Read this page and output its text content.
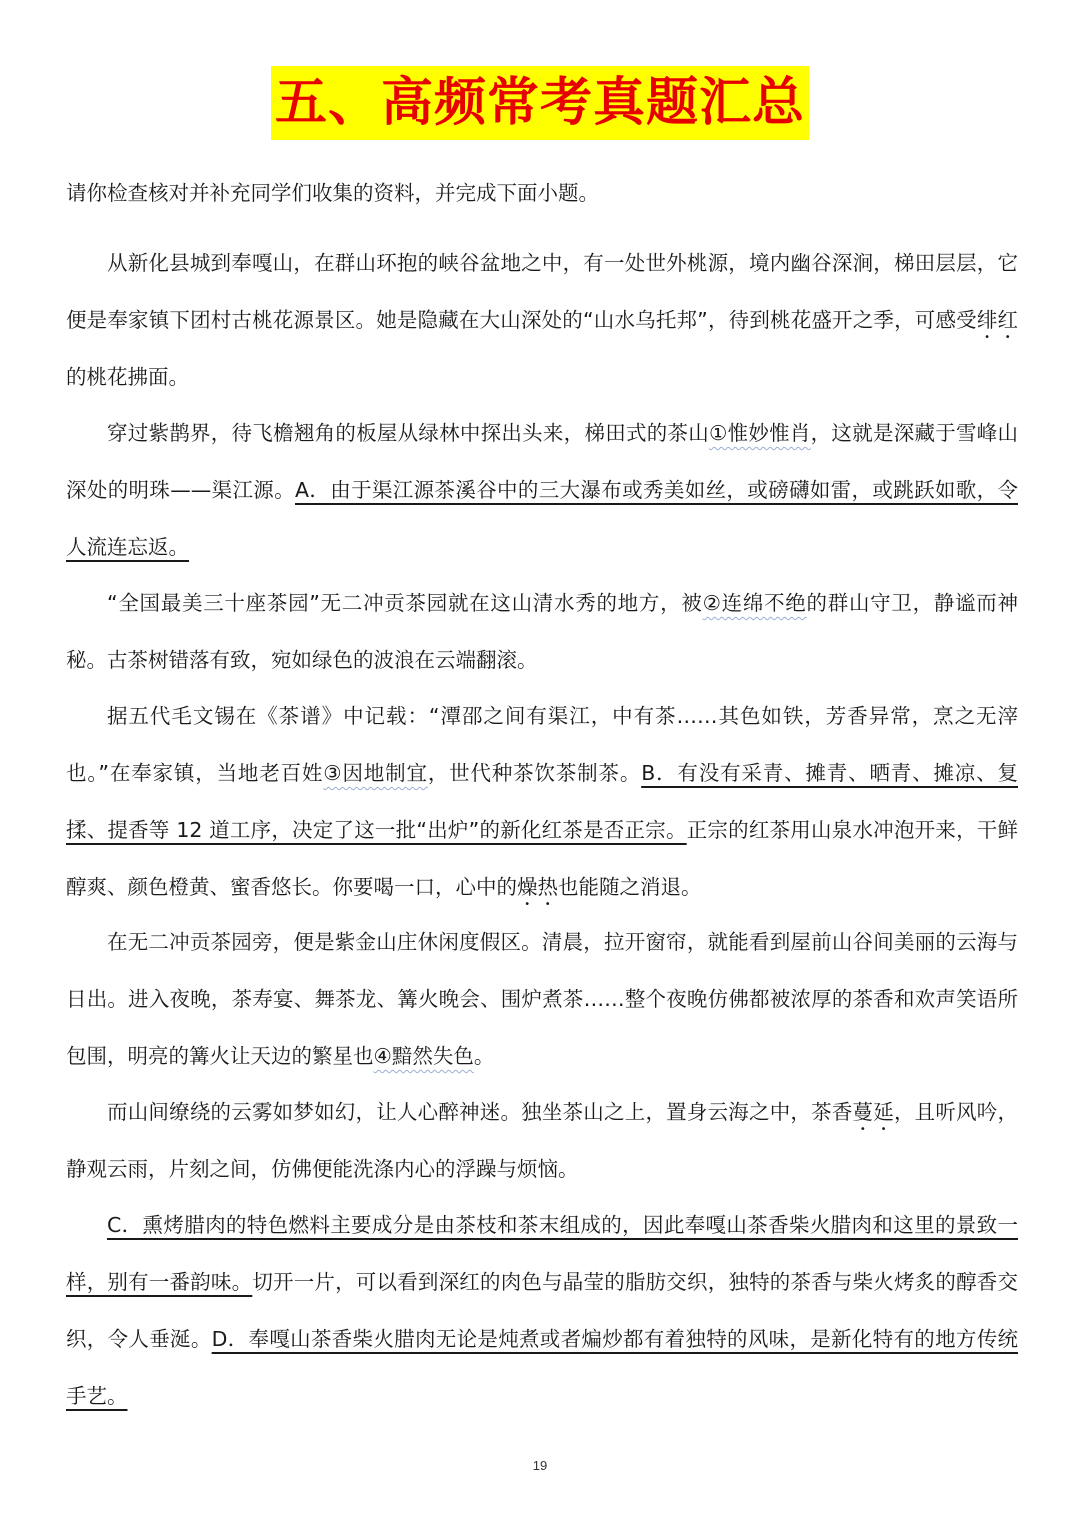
五、高频常考真题汇总

请你检查核对并补充同学们收集的资料，并完成下面小题。

从新化县城到奉嘎山，在群山环抱的峡谷盆地之中，有一处世外桃源，境内幽谷深涧，梯田层层，它便是奉家镇下团村古桃花源景区。她是隐藏在大山深处的“山水乌托邦”，待到桃花盛开之季，可感受绯红的桃花拂面。

穿过紫鹊界，待飞檐翘角的板屋从绿林中探出头来，梯田式的茶山①惟妙惟肖，这就是深藏于雪峰山深处的明珠——渠江源。A．由于渠江源茶溪谷中的三大瀑布或秀美如丝，或磅礴如雷，或跳跃如歌，令人流连忘返。

“全国最美三十座茶园”无二冲贡茶园就在这山清水秀的地方，被②连绵不绝的群山守卫，静谧而神秘。古茶树错落有致，宛如绿色的波浪在云端翻滚。

据五代毛文锡在《茶谱》中记载：“潭邵之间有渠江，中有茶……其色如铁，芳香异常，烹之无滓也。”在奉家镇，当地老百姓③因地制宜，世代种茶饮茶制茶。B．有没有采青、摊青、晒青、摊凉、复揉、提香等 12 道工序，决定了这一批“出炉”的新化红茶是否正宗。正宗的红茶用山泉水冲泡开来，干鲜醇爽、颜色橙黄、蜜香悠长。你要喝一口，心中的燥热也能随之消退。

在无二冲贡茶园旁，便是紫金山庄休闲度假区。清晨，拉开窗帘，就能看到屋前山谷间美丽的云海与日出。进入夜晚，茶寿宴、舞茶龙、篝火晚会、围炉煮茶……整个夜晚仿佛都被浓厚的茶香和欢声笑语所包围，明亮的篝火让天边的繁星也④黯然失色。

而山间缭绕的云雾如梦如幻，让人心醉神迷。独坐茶山之上，置身云海之中，茶香蔓延，且听风吟，静观云雨，片刻之间，仿佛便能洗涤内心的浮躁与烦恼。

C．熏烤腊肉的特色燃料主要成分是由茶枝和茶末组成的，因此奉嘎山茶香柴火腊肉和这里的景致一样，别有一番韵味。切开一片，可以看到深红的肉色与晶莹的脂肪交织，独特的茶香与柴火烤炙的醇香交织，令人垂涎。D．奉嘎山茶香柴火腊肉无论是炖煮或者煸炒都有着独特的风味，是新化特有的地方传统手艺。

19
